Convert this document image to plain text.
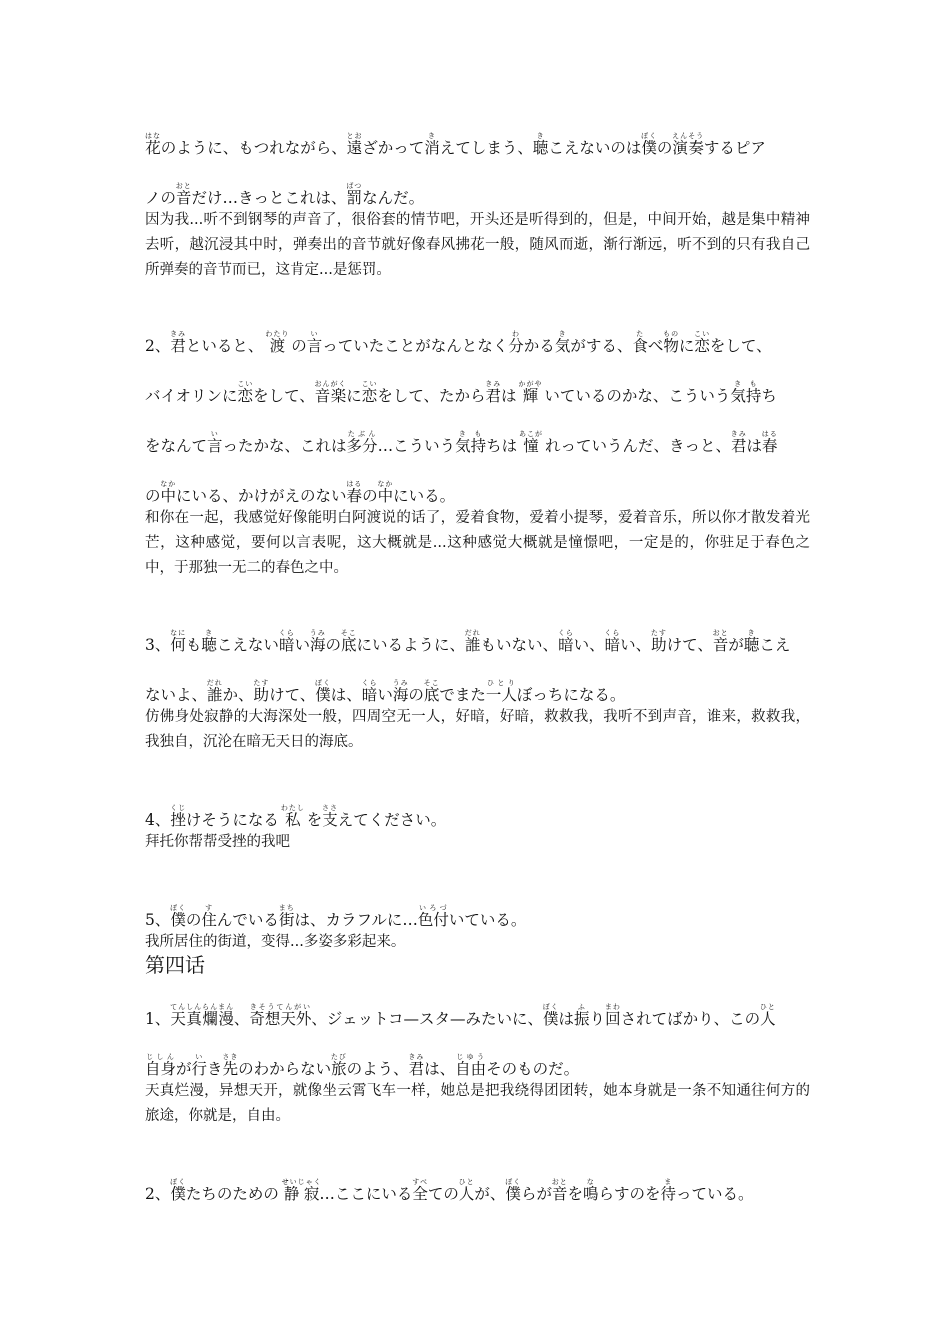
花はなのように、もつれながら、遠とおざかって消きえてしまう、聴きこえないのは僕ぼくの演奏えんそうするピア

ノの音おとだけ…きっとこれは、罰ばつなんだ。

2、君きみといると、 渡わたり の言いっていたことがなんとなく分わかる気きがする、食たべ物ものに恋こいをして、

バイオリンに恋こいをして、音楽おんがくに恋こいをして、たから君きみは 輝かがや いているのかな、こういう気持きもち

をなんて言いったかな、これは多分たぶん…こういう気持きもちは 憧あこが れっていうんだ、きっと、君きみは春はる

の中なかにいる、かけがえのない春はるの中なかにいる。

3、何なにも聴きこえない暗くらい海うみの底そこにいるように、誰だれもいない、暗くらい、暗くらい、助たすけて、音おとが聴きこえ

ないよ、誰だれか、助たすけて、僕ぼくは、暗くらい海うみの底そこでまた一人ひとりぼっちになる。

4、挫くじけそうになる 私わたし を支ささえてください。

5、僕ぼくの住すんでいる街まちは、カラフルに…色付いろづいている。

1、天真爛漫てんしんらんまん、奇想天外きそうてんがい、ジェットコ—スタ—みたいに、僕ぼくは振ふり回まわされてばかり、この人ひと

自身じしんが行いき先さきのわからない旅たびのよう、君きみは、自由じゆうそのものだ。

2、僕ぼくたちのための 静寂せいじゃく…ここにいる全すべての人ひとが、僕ぼくらが音おとを鳴ならすのを待まっている。

因为我...听不到钢琴的声音了，很俗套的情节吧，开头还是听得到的，但是，中间开始，越是集中精神去听，越沉浸其中时，弹奏出的音节就好像春风拂花一般，随风而逝，渐行渐远，听不到的只有我自己所弹奏的音节而已，这肯定...是惩罚。

和你在一起，我感觉好像能明白阿渡说的话了，爱着食物，爱着小提琴，爱着音乐，所以你才散发着光芒，这种感觉，要何以言表呢，这大概就是...这种感觉大概就是憧憬吧，一定是的，你驻足于春色之中，于那独一无二的春色之中。

仿佛身处寂静的大海深处一般，四周空无一人，好暗，好暗，救救我，我听不到声音，谁来，救救我，我独自，沉沦在暗无天日的海底。

拜托你帮帮受挫的我吧

我所居住的街道，变得...多姿多彩起来。

天真烂漫，异想天开，就像坐云霄飞车一样，她总是把我绕得团团转，她本身就是一条不知通往何方的旅途，你就是，自由。

第四话
